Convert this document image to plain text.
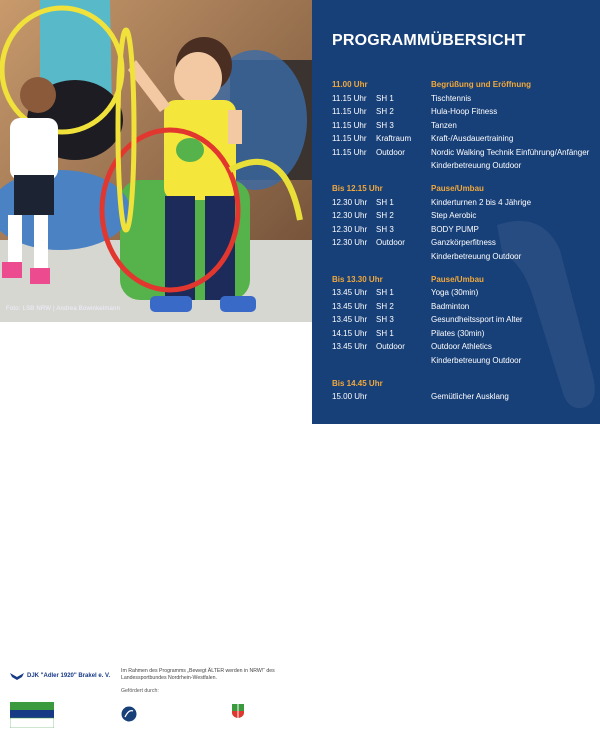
Foto: LSB NRW | Andrea Bowinkelmann
DJK "Adler 1920" Brakel e. V.
Im Rahmen des Programms „Bewegt ÄLTER werden in NRW!“ des Landessportbundes Nordrhein-Westfalen.
Gefördert durch:
PROGRAMMÜBERSICHT
11.00 Uhr	Begrüßung und Eröffnung
11.15 Uhr	SH 1	Tischtennis
11.15 Uhr	SH 2	Hula-Hoop Fitness
11.15 Uhr	SH 3	Tanzen
11.15 Uhr	Kraftraum	Kraft-/Ausdauertraining
11.15 Uhr	Outdoor	Nordic Walking Technik Einführung/Anfänger
Kinderbetreuung Outdoor
Bis 12.15 Uhr	Pause/Umbau
12.30 Uhr	SH 1	Kinderturnen 2 bis 4 Jährige
12.30 Uhr	SH 2	Step Aerobic
12.30 Uhr	SH 3	BODY PUMP
12.30 Uhr	Outdoor	Ganzkörperfitness
Kinderbetreuung Outdoor
Bis 13.30 Uhr	Pause/Umbau
13.45 Uhr	SH 1	Yoga (30min)
13.45 Uhr	SH 2	Badminton
13.45 Uhr	SH 3	Gesundheitssport im Alter
14.15 Uhr	SH 1	Pilates (30min)
13.45 Uhr	Outdoor	Outdoor Athletics
Kinderbetreuung Outdoor
Bis 14.45 Uhr
15.00 Uhr	Gemütlicher Ausklang
